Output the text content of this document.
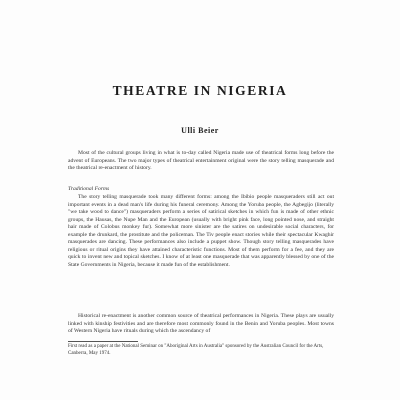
THEATRE IN NIGERIA
Ulli Beier

Most of the cultural groups living in what is to-day called Nigeria made use of theatrical forms long before the advent of Europeans. The two major types of theatrical entertainment original were the story telling masquerade and the theatrical re-enactment of history.

Traditional Forms

The story telling masquerade took many different forms: among the Ibibio people masqueraders still act out important events in a dead man's life during his funeral ceremony. Among the Yoruba people, the Agbegijo (literally "we take wood to dance") masqueraders perform a series of satirical sketches in which fun is made of other ethnic groups, the Hausas, the Nupe Man and the European (usually with bright pink face, long pointed nose, and straight hair made of Colobus monkey fur). Somewhat more sinister are the satires on undesirable social characters, for example the drunkard, the prostitute and the policeman. The Tiv people enact stories while their spectacular Kwaghir masquerades are dancing. These performances also include a puppet show. Though story telling masquerades have religious or ritual origins they have attained characteristic functions. Most of them perform for a fee, and they are quick to invent new and topical sketches. I know of at least one masquerade that was apparently blessed by one of the State Governments in Nigeria, because it made fun of the establishment.

Historical re-enactment is another common source of theatrical performances in Nigeria. These plays are usually linked with kinship festivities and are therefore most commonly found in the Benin and Yoruba peoples. Most towns of Western Nigeria have rituals during which the ascendancy of

First read as a paper at the National Seminar on "Aboriginal Arts in Australia" sponsored by the Australian Council for the Arts, Canberra, May 1974.
